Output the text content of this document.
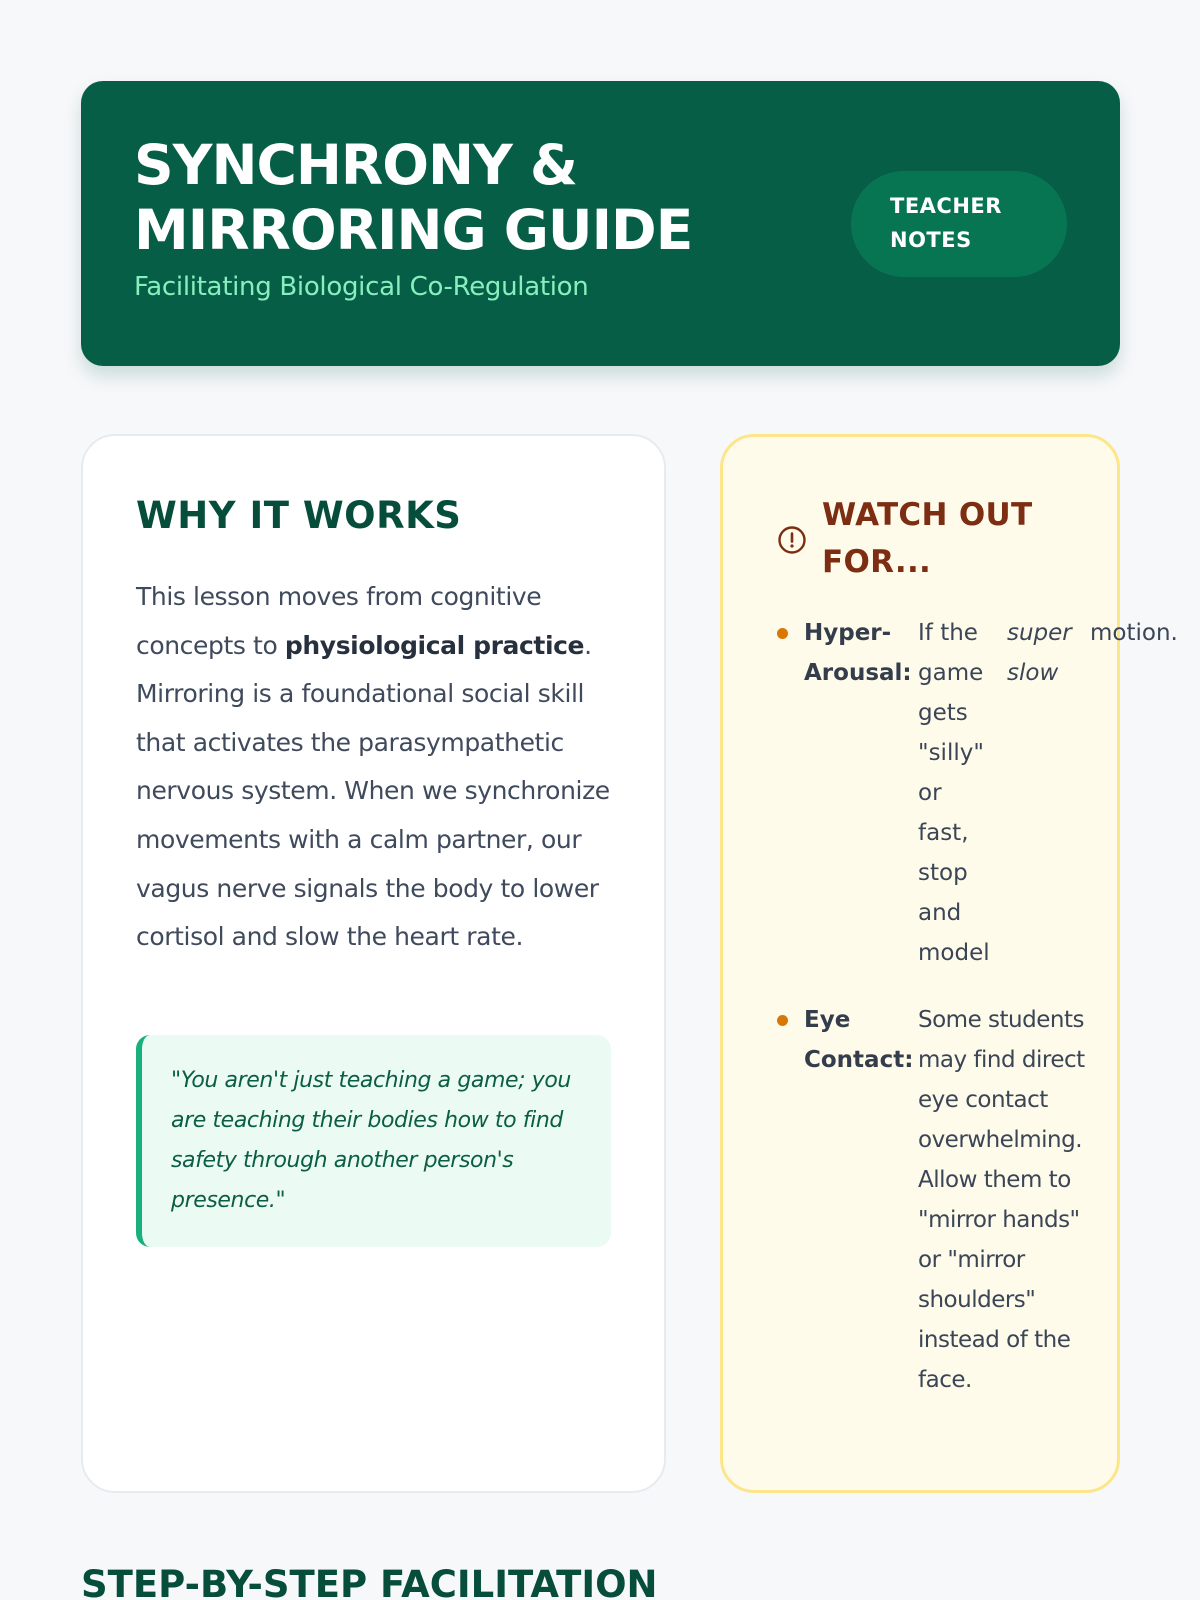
SYNCHRONY &
MIRRORING GUIDE

Facilitating Biological Co-Regulation

TEACHER
NOTES
WHY IT WORKS

This lesson moves from cognitive concepts to physiological practice. Mirroring is a foundational social skill that activates the parasympathetic nervous system. When we synchronize movements with a calm partner, our vagus nerve signals the body to lower cortisol and slow the heart rate.

"You aren't just teaching a game; you are teaching their bodies how to find safety through another person's presence."
WATCH OUT
FOR...
Hyper-
Arousal:

If the game gets "silly" or fast, stop and model

super
slow
motion.
Eye
Contact:

Some students may find direct eye contact overwhelming. Allow them to "mirror hands" or "mirror shoulders" instead of the face.

STEP-BY-STEP FACILITATION
